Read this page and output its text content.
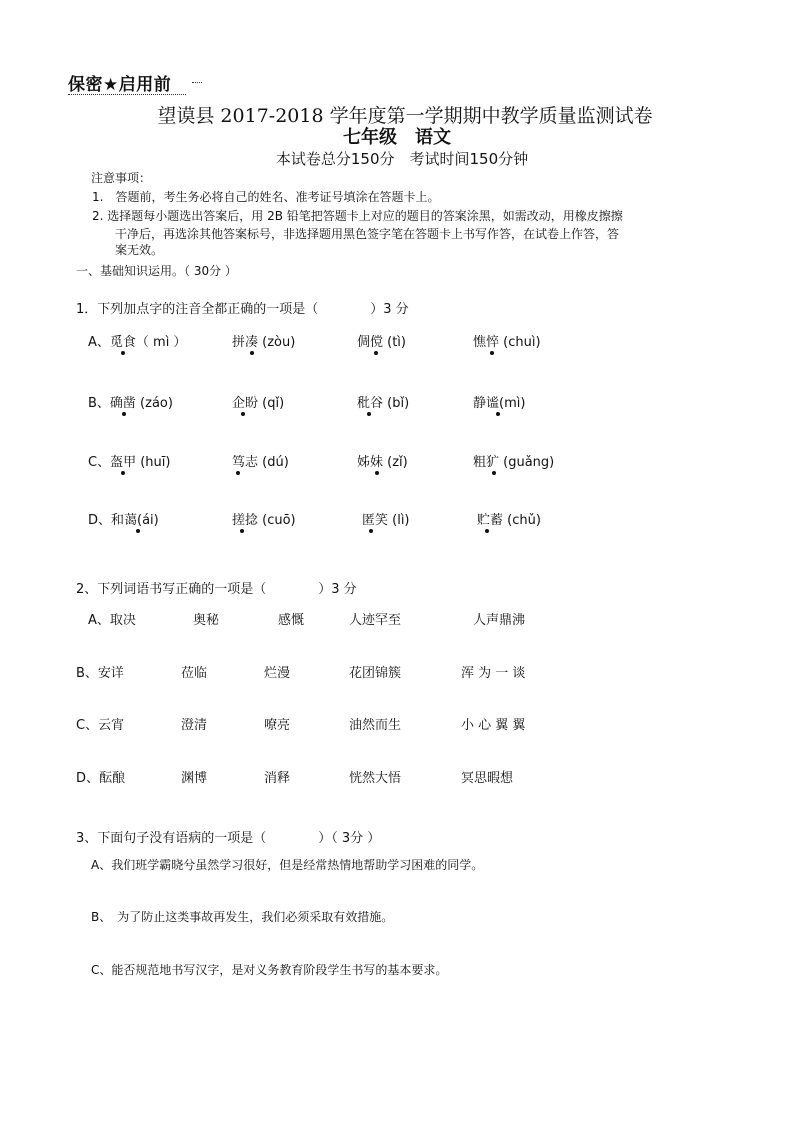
保密★启用前
望谟县 2017-2018 学年度第一学期期中教学质量监测试卷
七年级　语文
本试卷总分150分　考试时间150分钟
注意事项：
1.　答题前，考生务必将自己的姓名、准考证号填涂在答题卡上。
2. 选择题每小题选出答案后，用 2B 铅笔把答题卡上对应的题目的答案涂黑，如需改动，用橡皮擦擦
干净后，再选涂其他答案标号，非选择题用黑色签字笔在答题卡上书写作答，在试卷上作答，答
案无效。
一、基础知识运用。（ 30分 ）
1．下列加点字的注音全都正确的一项是（　　　　）3 分
A、觅食（ mì ）	拼凑 (zòu)	倜傥 (tì)	憔悴 (chuì)
B、确凿 (záo)	企盼 (qǐ)	秕谷 (bǐ)	静谧(mì)
C、盔甲 (huī)	笃志 (dú)	姊妹 (zǐ)	粗犷 (guǎng)
D、和蔼(ái)	搓捻 (cuō)	匿笑 (lì)	贮蓄 (chǔ)
2、下列词语书写正确的一项是（　　　　）3 分
A、取决	奥秘	感慨	人迹罕至	人声鼎沸
B、安详	莅临	烂漫	花团锦簇	浑 为 一 谈
C、云宵	澄清	嘹亮	油然而生	小 心 翼 翼
D、酝酿	渊博	消释	恍然大悟	冥思暇想
3、下面句子没有语病的一项是（　　　　）（ 3分 ）
A、我们班学霸晓兮虽然学习很好，但是经常热情地帮助学习困难的同学。
B、　为了防止这类事故再发生，我们必须采取有效措施。
C、能否规范地书写汉字，是对义务教育阶段学生书写的基本要求。
